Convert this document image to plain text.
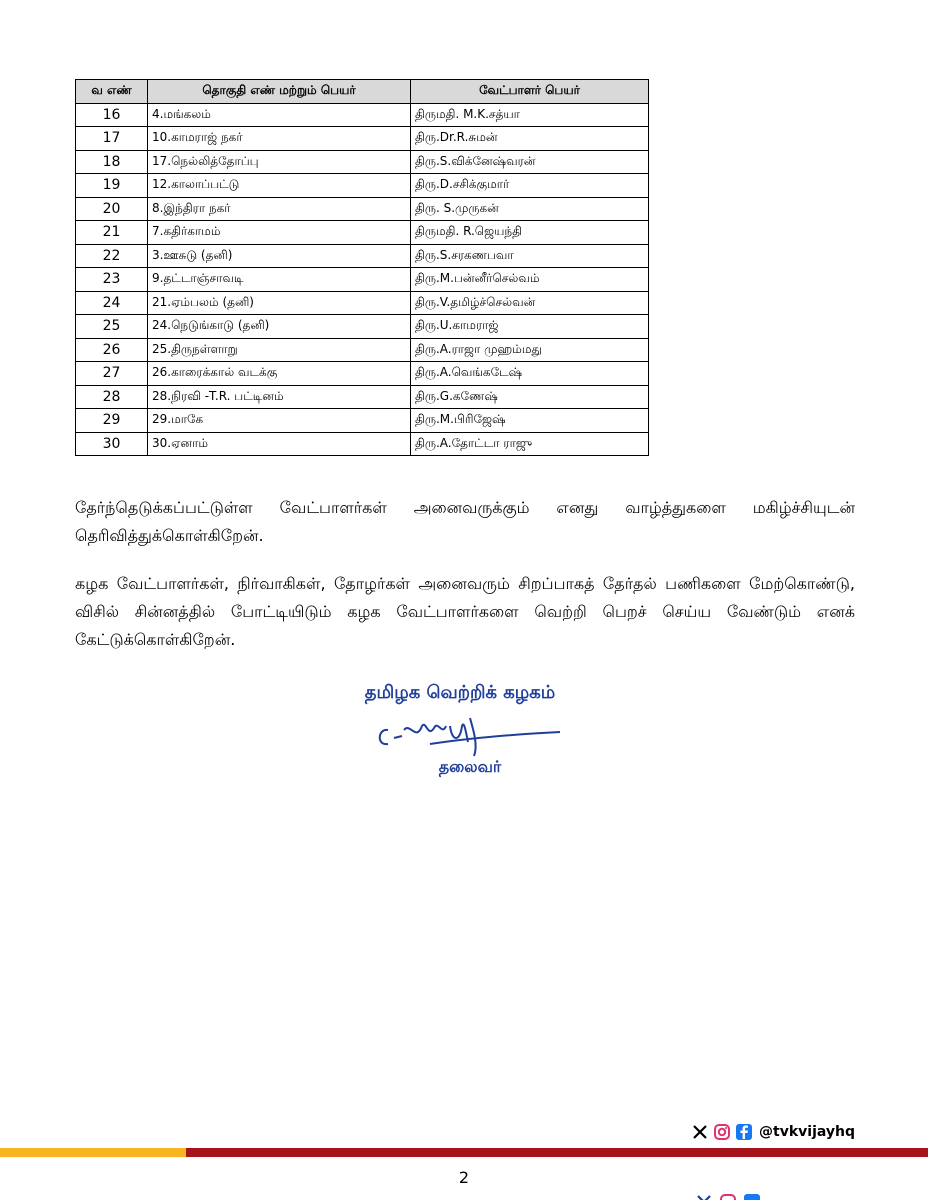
வ எண்	தொகுதி எண் மற்றும் பெயர்	வேட்பாளர் பெயர்
16	4.மங்கலம்	திருமதி. M.K.சத்யா
17	10.காமராஜ் நகர்	திரு.Dr.R.சுமன்
18	17.நெல்லித்தோப்பு	திரு.S.விக்னேஷ்வரன்
19	12.காலாப்பட்டு	திரு.D.சசிக்குமார்
20	8.இந்திரா நகர்	திரு. S.முருகன்
21	7.கதிர்காமம்	திருமதி. R.ஜெயந்தி
22	3.ஊசுடு (தனி)	திரு.S.சரகணபவா
23	9.தட்டாஞ்சாவடி	திரு.M.பன்னீர்செல்வம்
24	21.ஏம்பலம் (தனி)	திரு.V.தமிழ்ச்செல்வன்
25	24.நெடுங்காடு (தனி)	திரு.U.காமராஜ்
26	25.திருநள்ளாறு	திரு.A.ராஜா முஹம்மது
27	26.காரைக்கால் வடக்கு	திரு.A.வெங்கடேஷ்
28	28.நிரவி -T.R. பட்டினம்	திரு.G.கணேஷ்
29	29.மாகே	திரு.M.பிரிஜேஷ்
30	30.ஏனாம்	திரு.A.தோட்டா ராஜு
தேர்ந்தெடுக்கப்பட்டுள்ள வேட்பாளர்கள் அனைவருக்கும் எனது வாழ்த்துகளை மகிழ்ச்சியுடன் தெரிவித்துக்கொள்கிறேன்.
கழக வேட்பாளர்கள், நிர்வாகிகள், தோழர்கள் அனைவரும் சிறப்பாகத் தேர்தல் பணிகளை மேற்கொண்டு, விசில் சின்னத்தில் போட்டியிடும் கழக வேட்பாளர்களை வெற்றி பெறச் செய்ய வேண்டும் எனக் கேட்டுக்கொள்கிறேன்.
தமிழக வெற்றிக் கழகம்
தலைவர்
@tvkvijayhq
2
